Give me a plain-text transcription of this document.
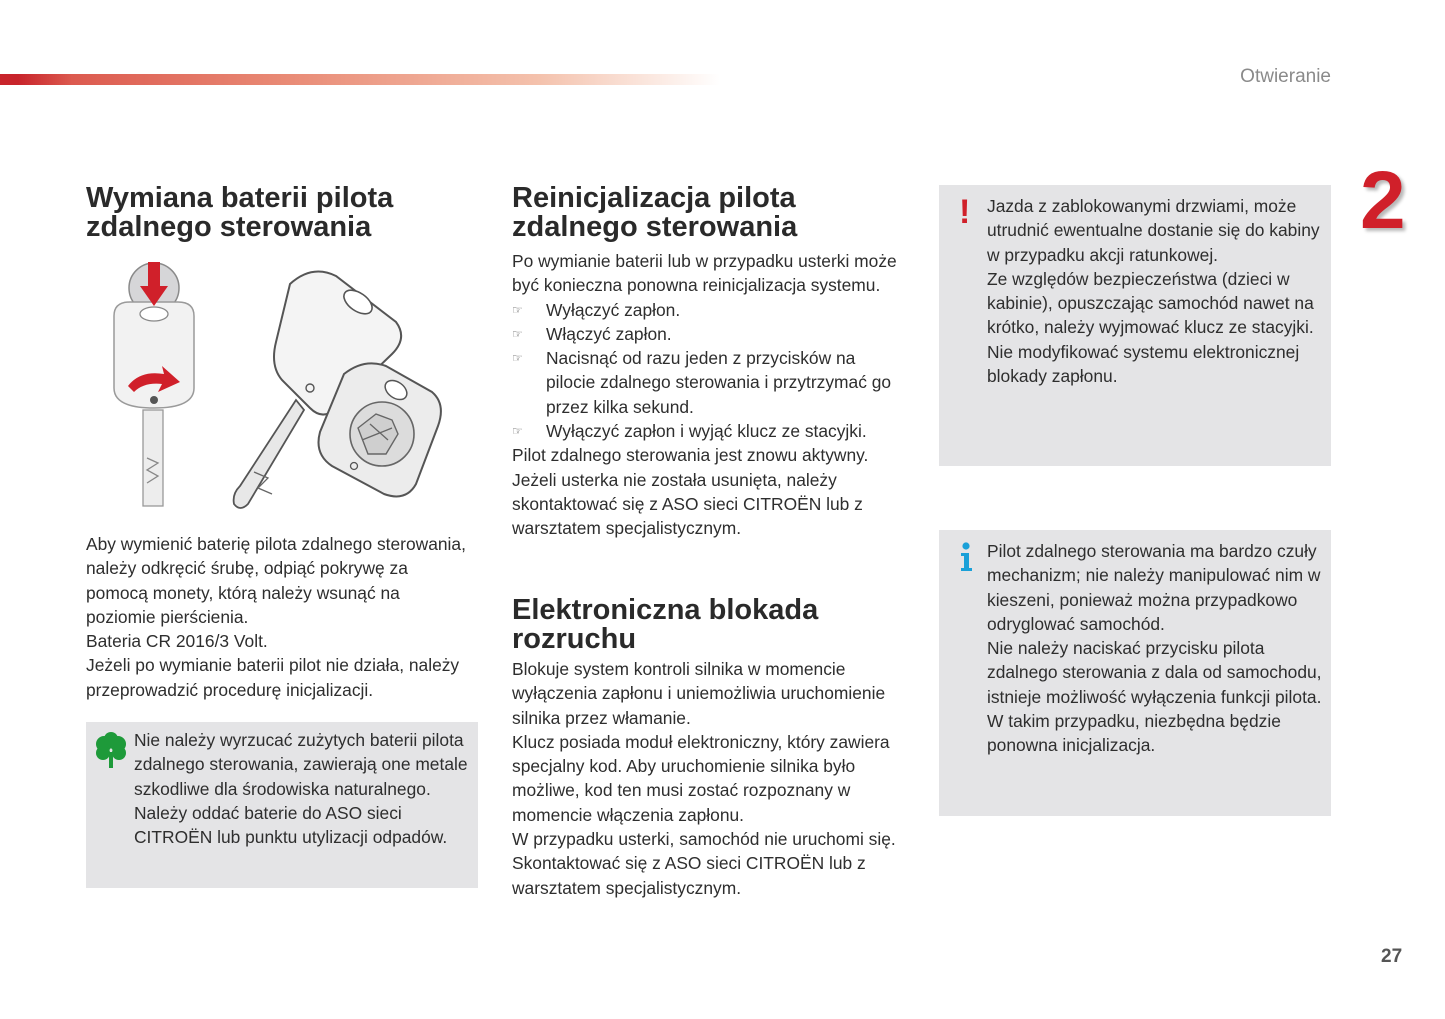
Otwieranie
2
27
Wymiana baterii pilota zdalnego sterowania

Aby wymienić baterię pilota zdalnego sterowania, należy odkręcić śrubę, odpiąć pokrywę za pomocą monety, którą należy wsunąć na poziomie pierścienia.

Bateria CR 2016/3 Volt.

Jeżeli po wymianie baterii pilot nie działa, należy przeprowadzić procedurę inicjalizacji.

Nie należy wyrzucać zużytych baterii pilota zdalnego sterowania, zawierają one metale szkodliwe dla środowiska naturalnego.

Należy oddać baterie do ASO sieci CITROËN lub punktu utylizacji odpadów.

Reinicjalizacja pilota zdalnego sterowania

Po wymianie baterii lub w przypadku usterki może być konieczna ponowna reinicjalizacja systemu.

☞	Wyłączyć zapłon.
☞	Włączyć zapłon.
☞	Nacisnąć od razu jeden z przycisków na pilocie zdalnego sterowania i przytrzymać go przez kilka sekund.
☞	Wyłączyć zapłon i wyjąć klucz ze stacyjki.

Pilot zdalnego sterowania jest znowu aktywny.

Jeżeli usterka nie została usunięta, należy skontaktować się z ASO sieci CITROËN lub z warsztatem specjalistycznym.

Elektroniczna blokada rozruchu

Blokuje system kontroli silnika w momencie wyłączenia zapłonu i uniemożliwia uruchomienie silnika przez włamanie.

Klucz posiada moduł elektroniczny, który zawiera specjalny kod. Aby uruchomienie silnika było możliwe, kod ten musi zostać rozpoznany w momencie włączenia zapłonu.

W przypadku usterki, samochód nie uruchomi się.

Skontaktować się z ASO sieci CITROËN lub z warsztatem specjalistycznym.

! Jazda z zablokowanymi drzwiami, może utrudnić ewentualne dostanie się do kabiny w przypadku akcji ratunkowej.

Ze względów bezpieczeństwa (dzieci w kabinie), opuszczając samochód nawet na krótko, należy wyjmować klucz ze stacyjki.

Nie modyfikować systemu elektronicznej blokady zapłonu.

Pilot zdalnego sterowania ma bardzo czuły mechanizm; nie należy manipulować nim w kieszeni, ponieważ można przypadkowo odryglować samochód.

Nie należy naciskać przycisku pilota zdalnego sterowania z dala od samochodu, istnieje możliwość wyłączenia funkcji pilota. W takim przypadku, niezbędna będzie ponowna inicjalizacja.
